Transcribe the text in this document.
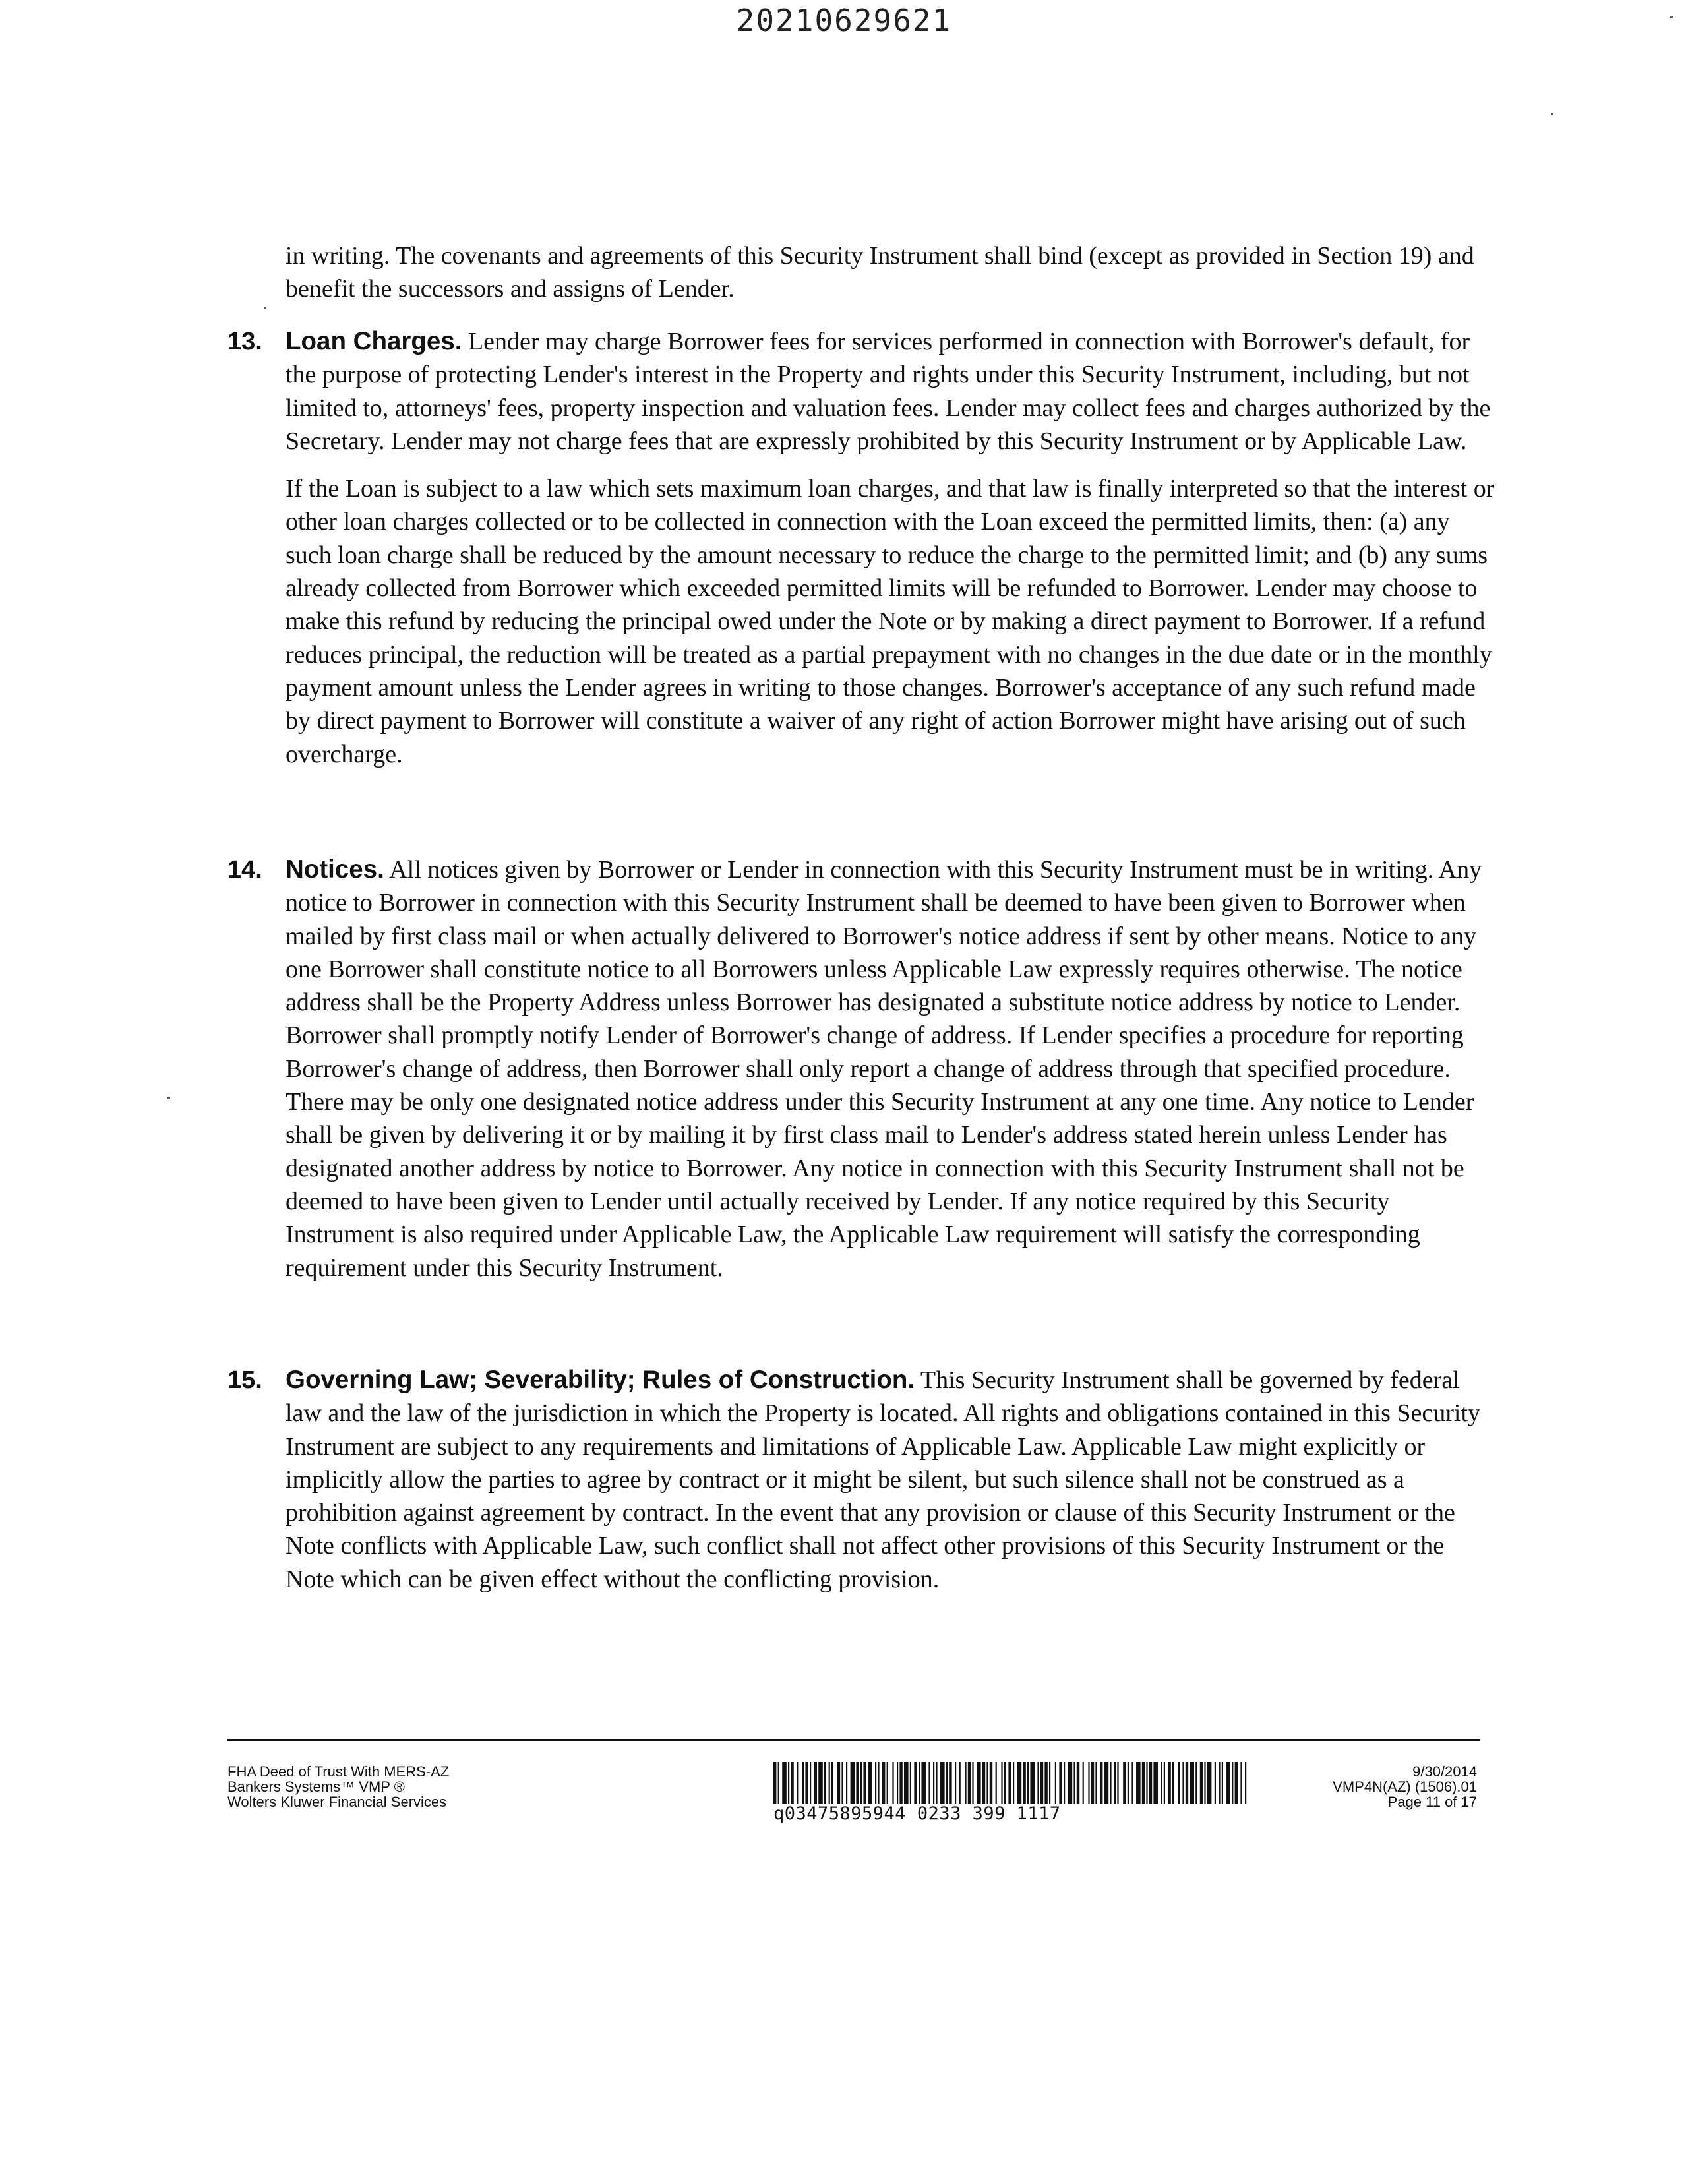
20210629621

in writing. The covenants and agreements of this Security Instrument shall bind (except as provided in Section 19) and benefit the successors and assigns of Lender.

13. Loan Charges. Lender may charge Borrower fees for services performed in connection with Borrower's default, for the purpose of protecting Lender's interest in the Property and rights under this Security Instrument, including, but not limited to, attorneys' fees, property inspection and valuation fees. Lender may collect fees and charges authorized by the Secretary. Lender may not charge fees that are expressly prohibited by this Security Instrument or by Applicable Law.

If the Loan is subject to a law which sets maximum loan charges, and that law is finally interpreted so that the interest or other loan charges collected or to be collected in connection with the Loan exceed the permitted limits, then: (a) any such loan charge shall be reduced by the amount necessary to reduce the charge to the permitted limit; and (b) any sums already collected from Borrower which exceeded permitted limits will be refunded to Borrower. Lender may choose to make this refund by reducing the principal owed under the Note or by making a direct payment to Borrower. If a refund reduces principal, the reduction will be treated as a partial prepayment with no changes in the due date or in the monthly payment amount unless the Lender agrees in writing to those changes. Borrower's acceptance of any such refund made by direct payment to Borrower will constitute a waiver of any right of action Borrower might have arising out of such overcharge.

14. Notices. All notices given by Borrower or Lender in connection with this Security Instrument must be in writing. Any notice to Borrower in connection with this Security Instrument shall be deemed to have been given to Borrower when mailed by first class mail or when actually delivered to Borrower's notice address if sent by other means. Notice to any one Borrower shall constitute notice to all Borrowers unless Applicable Law expressly requires otherwise. The notice address shall be the Property Address unless Borrower has designated a substitute notice address by notice to Lender. Borrower shall promptly notify Lender of Borrower's change of address. If Lender specifies a procedure for reporting Borrower's change of address, then Borrower shall only report a change of address through that specified procedure. There may be only one designated notice address under this Security Instrument at any one time. Any notice to Lender shall be given by delivering it or by mailing it by first class mail to Lender's address stated herein unless Lender has designated another address by notice to Borrower. Any notice in connection with this Security Instrument shall not be deemed to have been given to Lender until actually received by Lender. If any notice required by this Security Instrument is also required under Applicable Law, the Applicable Law requirement will satisfy the corresponding requirement under this Security Instrument.

15. Governing Law; Severability; Rules of Construction. This Security Instrument shall be governed by federal law and the law of the jurisdiction in which the Property is located. All rights and obligations contained in this Security Instrument are subject to any requirements and limitations of Applicable Law. Applicable Law might explicitly or implicitly allow the parties to agree by contract or it might be silent, but such silence shall not be construed as a prohibition against agreement by contract. In the event that any provision or clause of this Security Instrument or the Note conflicts with Applicable Law, such conflict shall not affect other provisions of this Security Instrument or the Note which can be given effect without the conflicting provision.

FHA Deed of Trust With MERS-AZ
Bankers Systems™ VMP ®
Wolters Kluwer Financial Services
q03475895944 0233 399 1117
9/30/2014
VMP4N(AZ) (1506).01
Page 11 of 17
